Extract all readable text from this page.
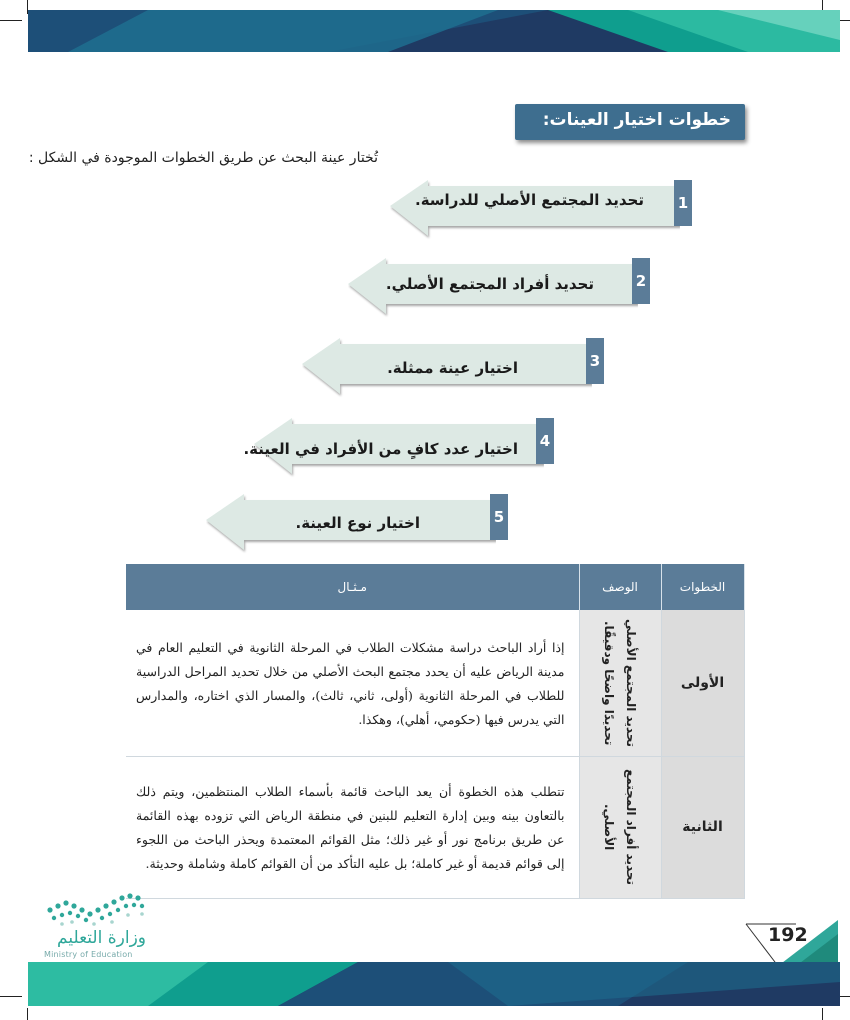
خطوات اختيار العينات:
تُختار عينة البحث عن طريق الخطوات الموجودة في الشكل :
1
تحديد المجتمع الأصلي للدراسة.
2
تحديد أفراد المجتمع الأصلي.
3
اختيار عينة ممثلة.
4
اختيار عدد كافٍ من الأفراد في العينة.
5
اختيار نوع العينة.
مـثـال	الوصف	الخطوات
إذا أراد الباحث دراسة مشكلات الطلاب في المرحلة الثانوية في التعليم العام في مدينة الرياض عليه أن يحدد مجتمع البحث الأصلي من خلال تحديد المراحل الدراسية للطلاب في المرحلة الثانوية (أولى، ثاني، ثالث)، والمسار الذي اختاره، والمدارس التي يدرس فيها (حكومي، أهلي)، وهكذا.	تحديد المجتمع الأصلي تحديدًا واضحًا ودقيقًا.	الأولى
تتطلب هذه الخطوة أن يعد الباحث قائمة بأسماء الطلاب المنتظمين، ويتم ذلك بالتعاون بينه وبين إدارة التعليم للبنين في منطقة الرياض التي تزوده بهذه القائمة عن طريق برنامج نور أو غير ذلك؛ مثل القوائم المعتمدة ويحذر الباحث من اللجوء إلى قوائم قديمة أو غير كاملة؛ بل عليه التأكد من أن القوائم كاملة وشاملة وحديثة.	تحديد أفراد المجتمع الأصلي.	الثانية
وزارة التعليم
Ministry of Education
192
